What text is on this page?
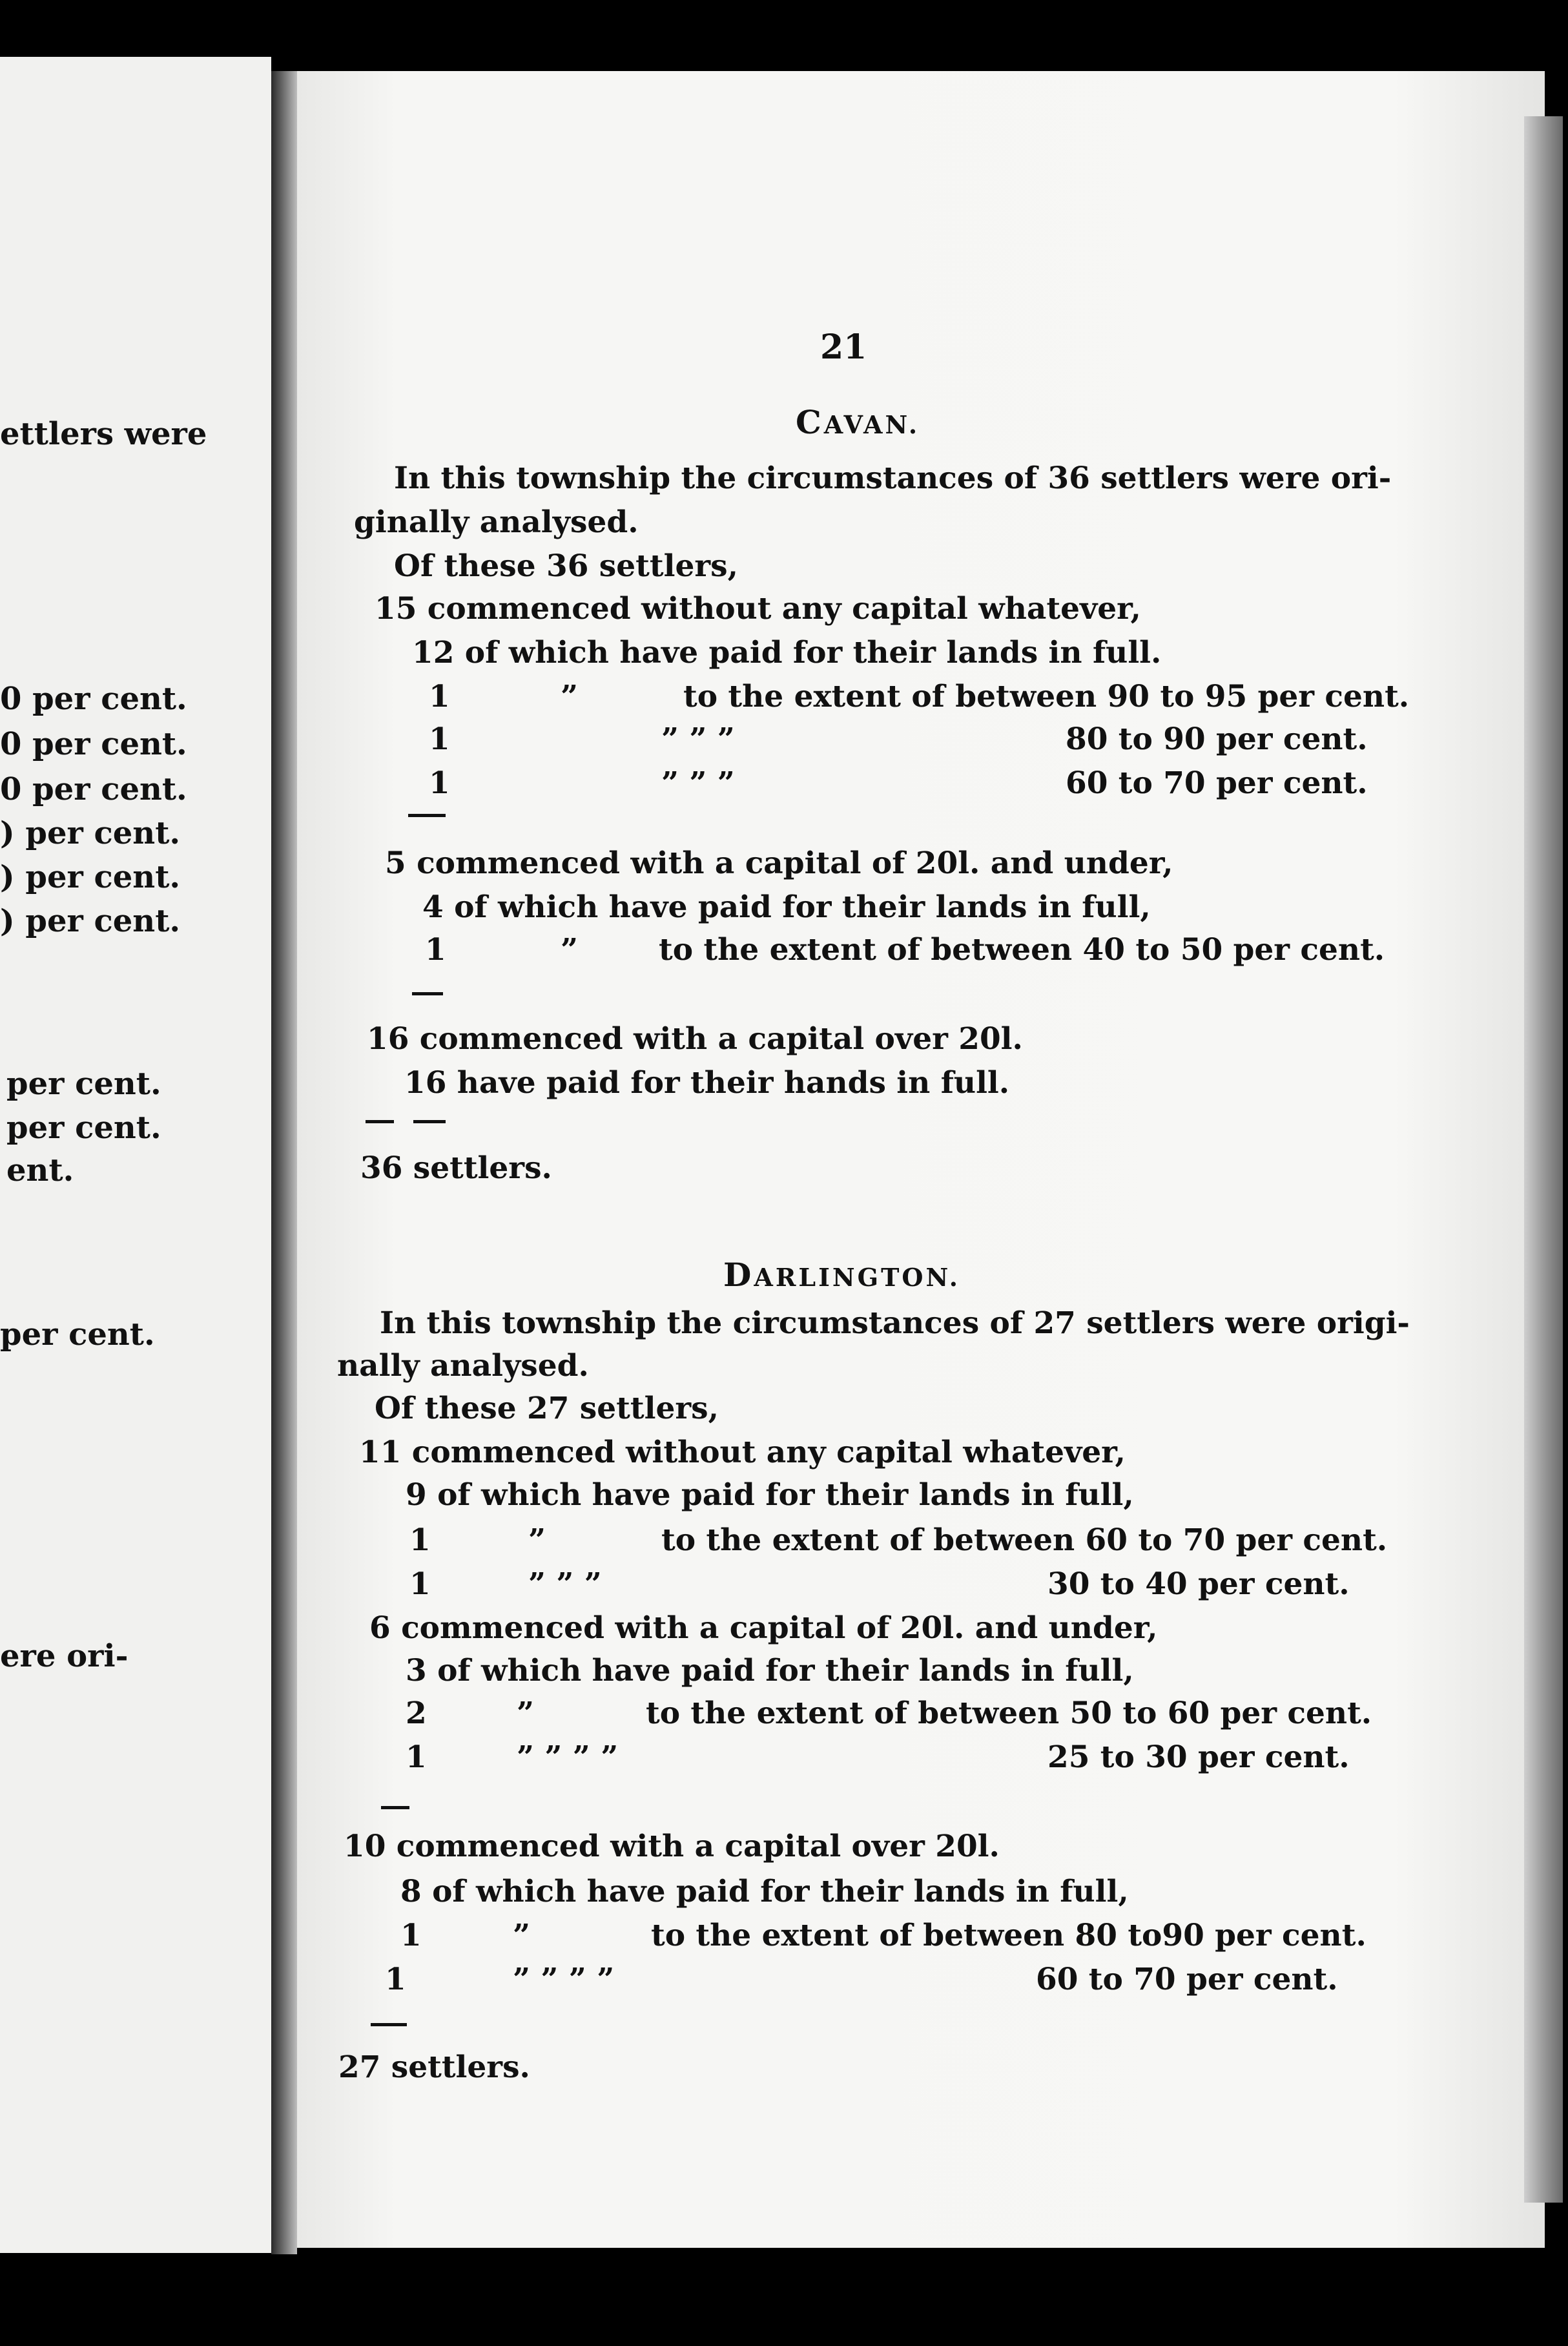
ettlers were
0 per cent.
0 per cent.
0 per cent.
) per cent.
) per cent.
) per cent.
per cent.
per cent.
ent.
per cent.
ere ori-
21
CAVAN.
In this township the circumstances of 36 settlers were ori-
ginally analysed.
Of these 36 settlers,
15 commenced without any capital whatever,
12 of which have paid for their lands in full.
1	”	to the extent of between 90 to 95 per cent.
1	” ” ”	80 to 90 per cent.
1	” ” ”	60 to 70 per cent.
5 commenced with a capital of 20l. and under,
4 of which have paid for their lands in full,
1	”	to the extent of between 40 to 50 per cent.
16 commenced with a capital over 20l.
16 have paid for their hands in full.
36 settlers.
DARLINGTON.
In this township the circumstances of 27 settlers were origi-
nally analysed.
Of these 27 settlers,
11 commenced without any capital whatever,
9 of which have paid for their lands in full,
1	”	to the extent of between 60 to 70 per cent.
1	” ” ”	30 to 40 per cent.
6 commenced with a capital of 20l. and under,
3 of which have paid for their lands in full,
2	”	to the extent of between 50 to 60 per cent.
1	” ” ” ”	25 to 30 per cent.
10 commenced with a capital over 20l.
8 of which have paid for their lands in full,
1	”	to the extent of between 80 to90 per cent.
1	” ” ” ”	60 to 70 per cent.
27 settlers.
